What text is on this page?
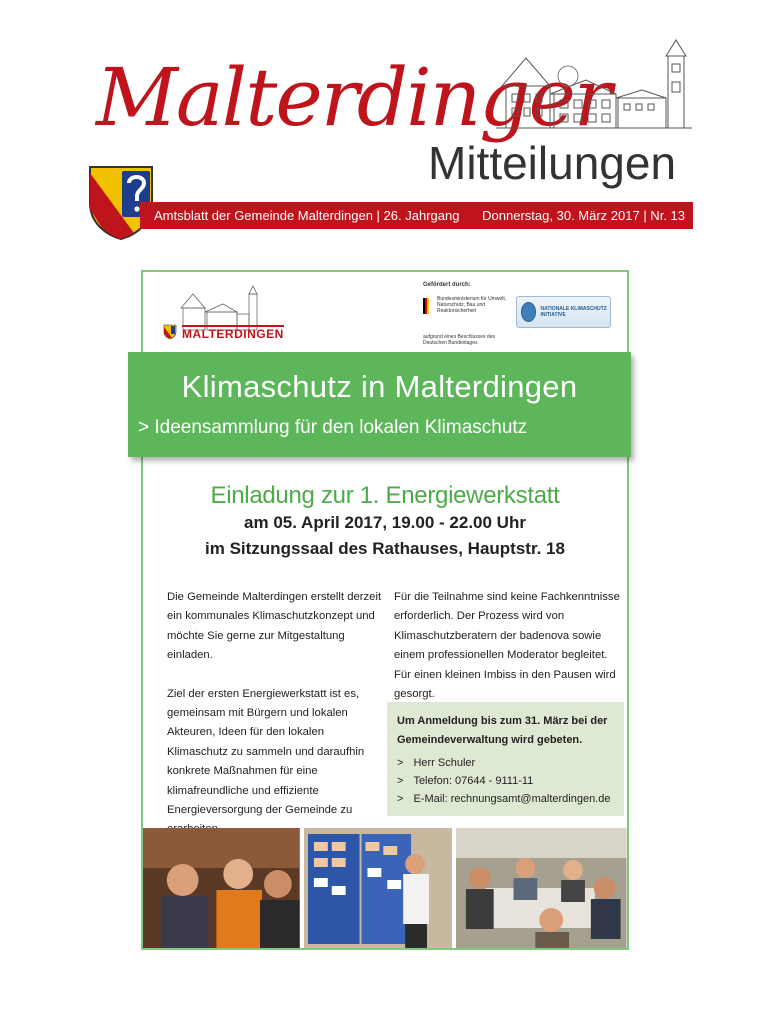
Malterdinger
Mitteilungen
Amtsblatt der Gemeinde Malterdingen | 26. Jahrgang Donnerstag, 30. März 2017 | Nr. 13
MALTERDINGEN
Gefördert durch:
Bundesministerium für Umwelt, Naturschutz, Bau und Reaktorsicherheit	NATIONALE KLIMASCHUTZ INITIATIVE
aufgrund eines Beschlusses des Deutschen Bundestages
Klimaschutz in Malterdingen
> Ideensammlung für den lokalen Klimaschutz
Einladung zur 1. Energiewerkstatt
am 05. April 2017, 19.00 - 22.00 Uhr
im Sitzungssaal des Rathauses, Hauptstr. 18

Die Gemeinde Malterdingen erstellt derzeit ein kommunales Klimaschutzkonzept und möchte Sie gerne zur Mitgestaltung einladen.

Ziel der ersten Energiewerkstatt ist es, gemeinsam mit Bürgern und lokalen Akteuren, Ideen für den lokalen Klimaschutz zu sammeln und daraufhin konkrete Maßnahmen für eine klimafreundliche und effiziente Energieversorgung der Gemeinde zu

Für die Teilnahme sind keine Fachkenntnisse erforderlich. Der Prozess wird von Klimaschutzberatern der badenova sowie einem professionellen Moderator begleitet. Für einen kleinen Imbiss in den Pausen wird gesorgt.

Um Anmeldung bis zum 31. März bei der Gemeindeverwaltung wird gebeten.
> Herr Schuler
> Telefon: 07644 - 9111-11
> E-Mail: rechnungsamt@malterdingen.de
